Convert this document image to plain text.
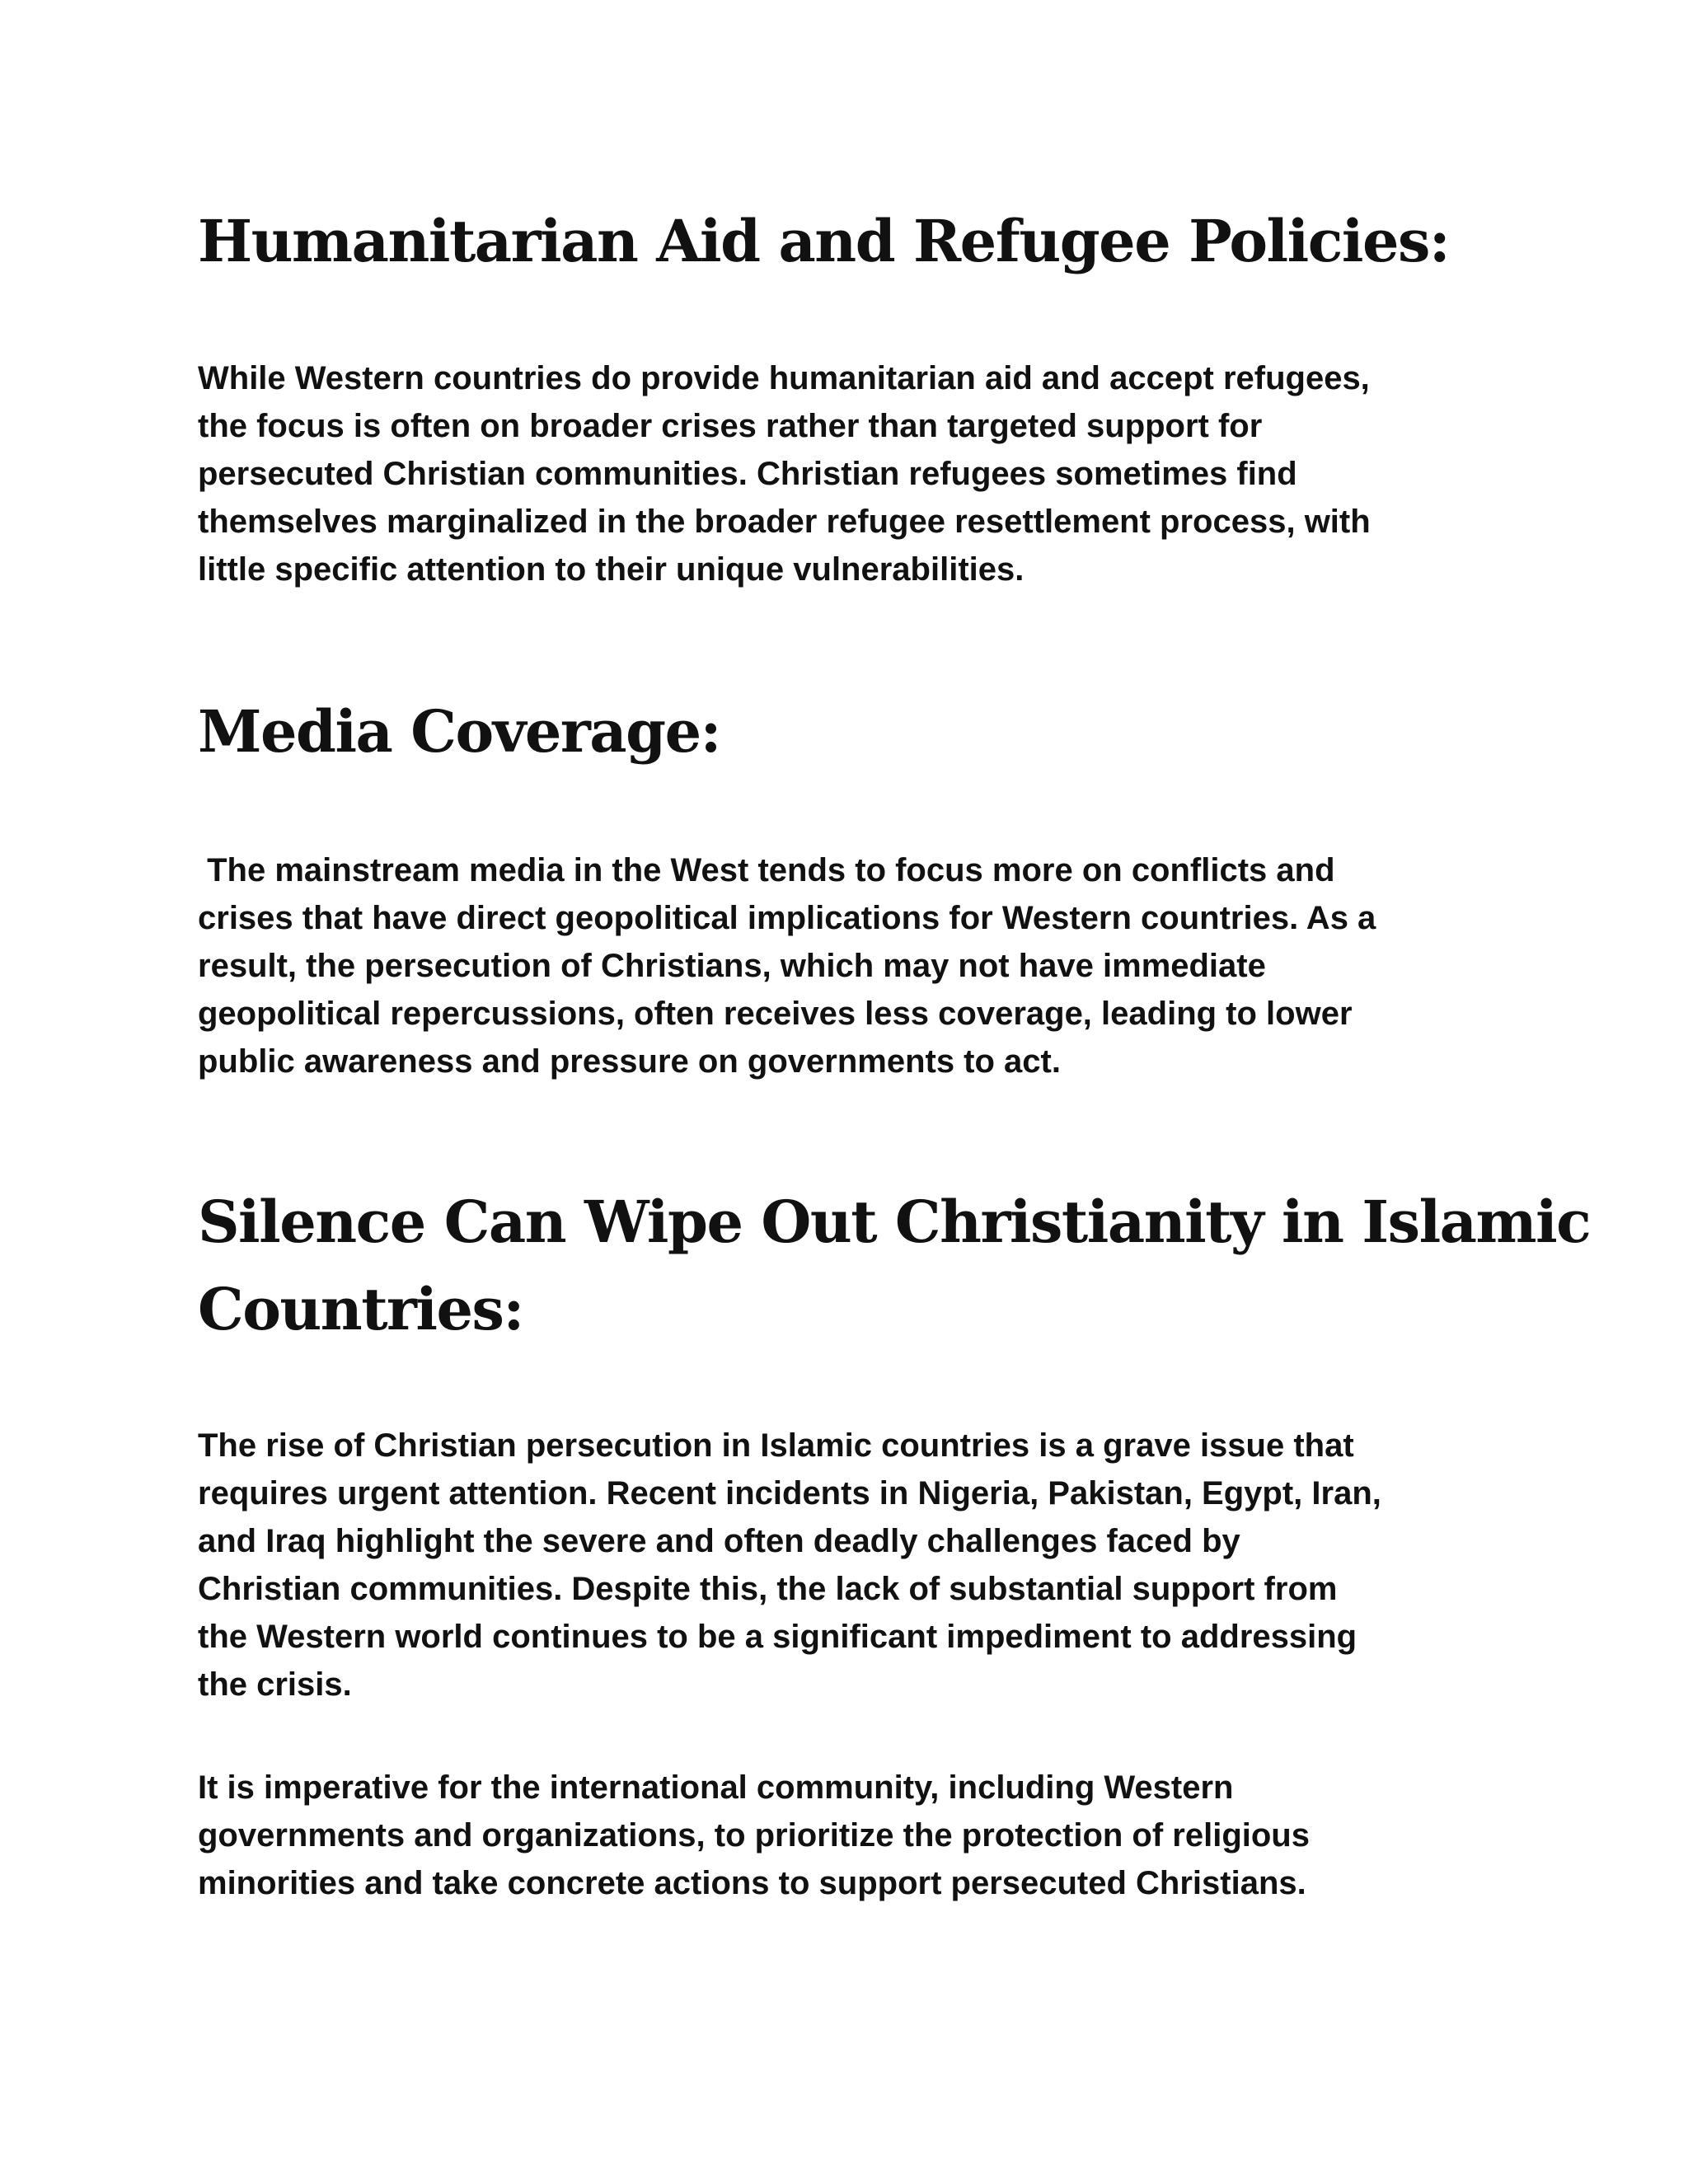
Humanitarian Aid and Refugee Policies:

While Western countries do provide humanitarian aid and accept refugees,
the focus is often on broader crises rather than targeted support for
persecuted Christian communities. Christian refugees sometimes find
themselves marginalized in the broader refugee resettlement process, with
little specific attention to their unique vulnerabilities.

Media Coverage:

The mainstream media in the West tends to focus more on conflicts and
crises that have direct geopolitical implications for Western countries. As a
result, the persecution of Christians, which may not have immediate
geopolitical repercussions, often receives less coverage, leading to lower
public awareness and pressure on governments to act.

Silence Can Wipe Out Christianity in Islamic
Countries:

The rise of Christian persecution in Islamic countries is a grave issue that
requires urgent attention. Recent incidents in Nigeria, Pakistan, Egypt, Iran,
and Iraq highlight the severe and often deadly challenges faced by
Christian communities. Despite this, the lack of substantial support from
the Western world continues to be a significant impediment to addressing
the crisis.

It is imperative for the international community, including Western
governments and organizations, to prioritize the protection of religious
minorities and take concrete actions to support persecuted Christians.
